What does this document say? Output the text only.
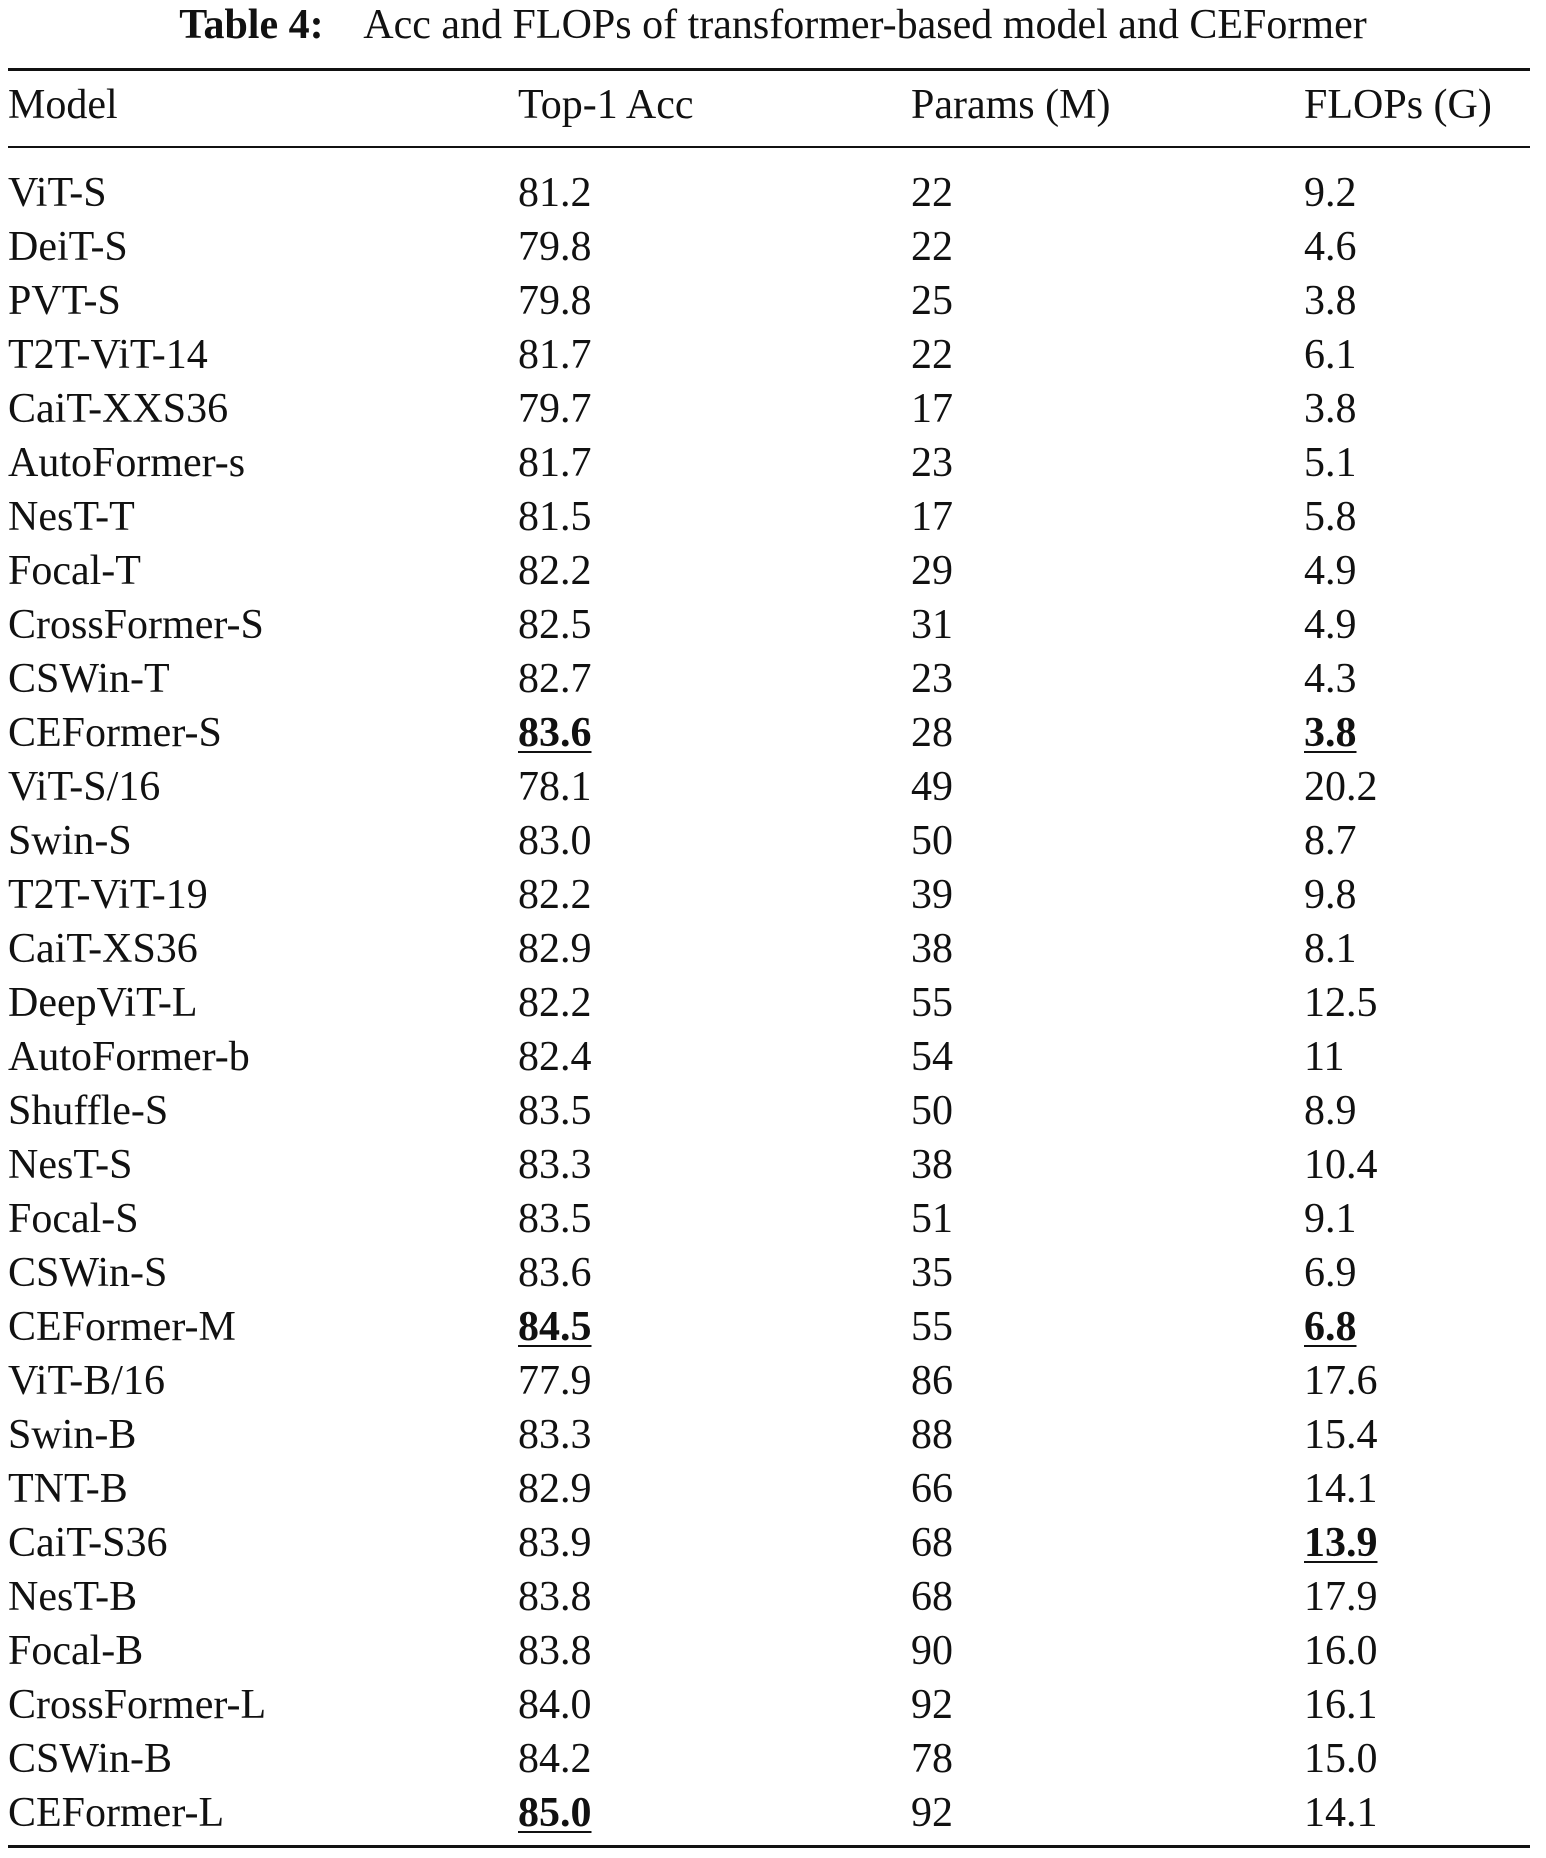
Table 4: Acc and FLOPs of transformer-based model and CEFormer
Model	Top-1 Acc	Params (M)	FLOPs (G)
ViT-S	81.2	22	9.2
DeiT-S	79.8	22	4.6
PVT-S	79.8	25	3.8
T2T-ViT-14	81.7	22	6.1
CaiT-XXS36	79.7	17	3.8
AutoFormer-s	81.7	23	5.1
NesT-T	81.5	17	5.8
Focal-T	82.2	29	4.9
CrossFormer-S	82.5	31	4.9
CSWin-T	82.7	23	4.3
CEFormer-S	83.6	28	3.8
ViT-S/16	78.1	49	20.2
Swin-S	83.0	50	8.7
T2T-ViT-19	82.2	39	9.8
CaiT-XS36	82.9	38	8.1
DeepViT-L	82.2	55	12.5
AutoFormer-b	82.4	54	11
Shuffle-S	83.5	50	8.9
NesT-S	83.3	38	10.4
Focal-S	83.5	51	9.1
CSWin-S	83.6	35	6.9
CEFormer-M	84.5	55	6.8
ViT-B/16	77.9	86	17.6
Swin-B	83.3	88	15.4
TNT-B	82.9	66	14.1
CaiT-S36	83.9	68	13.9
NesT-B	83.8	68	17.9
Focal-B	83.8	90	16.0
CrossFormer-L	84.0	92	16.1
CSWin-B	84.2	78	15.0
CEFormer-L	85.0	92	14.1
